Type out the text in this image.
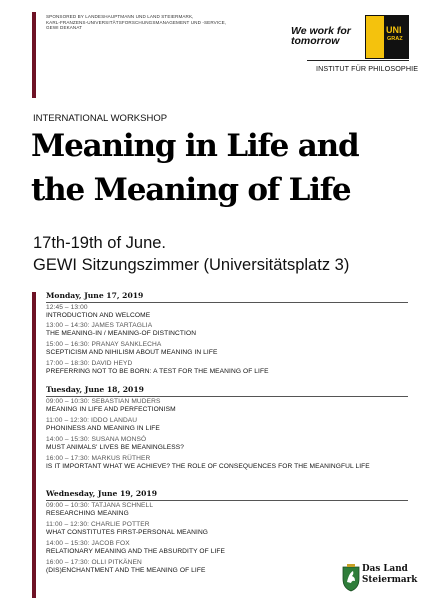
SPONSORED BY LANDESHAUPTMANN UND LAND STEIERMARK,
KARL-FRANZENS-UNIVERSITÄTSFORSCHUNGSMANAGEMENT UND -SERVICE,
GEWI DEKANAT	We work for
tomorrow
UNI
GRAZ
INSTITUT FÜR PHILOSOPHIE
INTERNATIONAL WORKSHOP
Meaning in Life and
the Meaning of Life
17th-19th of June.
GEWI Sitzungszimmer (Universitätsplatz 3)
Monday, June 17, 2019
12:45 – 13:00
INTRODUCTION AND WELCOME
13:00 – 14:30: JAMES TARTAGLIA
THE MEANING-IN / MEANING-OF DISTINCTION
15:00 – 16:30: PRANAY SANKLECHA
SCEPTICISM AND NIHILISM ABOUT MEANING IN LIFE
17:00 – 18:30: DAVID HEYD
PREFERRING NOT TO BE BORN: A TEST FOR THE MEANING OF LIFE
Tuesday, June 18, 2019
09:00 – 10:30: SEBASTIAN MUDERS
MEANING IN LIFE AND PERFECTIONISM
11:00 – 12:30: IDDO LANDAU
PHONINESS AND MEANING IN LIFE
14:00 – 15:30: SUSANA MONSÓ
MUST ANIMALS' LIVES BE MEANINGLESS?
16:00 – 17:30: MARKUS RÜTHER
IS IT IMPORTANT WHAT WE ACHIEVE? THE ROLE OF CONSEQUENCES FOR THE MEANINGFUL LIFE
Wednesday, June 19, 2019
09:00 – 10:30: TATJANA SCHNELL
RESEARCHING MEANING
11:00 – 12:30: CHARLIE POTTER
WHAT CONSTITUTES FIRST-PERSONAL MEANING
14:00 – 15:30: JACOB FOX
RELATIONARY MEANING AND THE ABSURDITY OF LIFE
16:00 – 17:30: OLLI PITKÄNEN
(DIS)ENCHANTMENT AND THE MEANING OF LIFE	Das Land
Steiermark
